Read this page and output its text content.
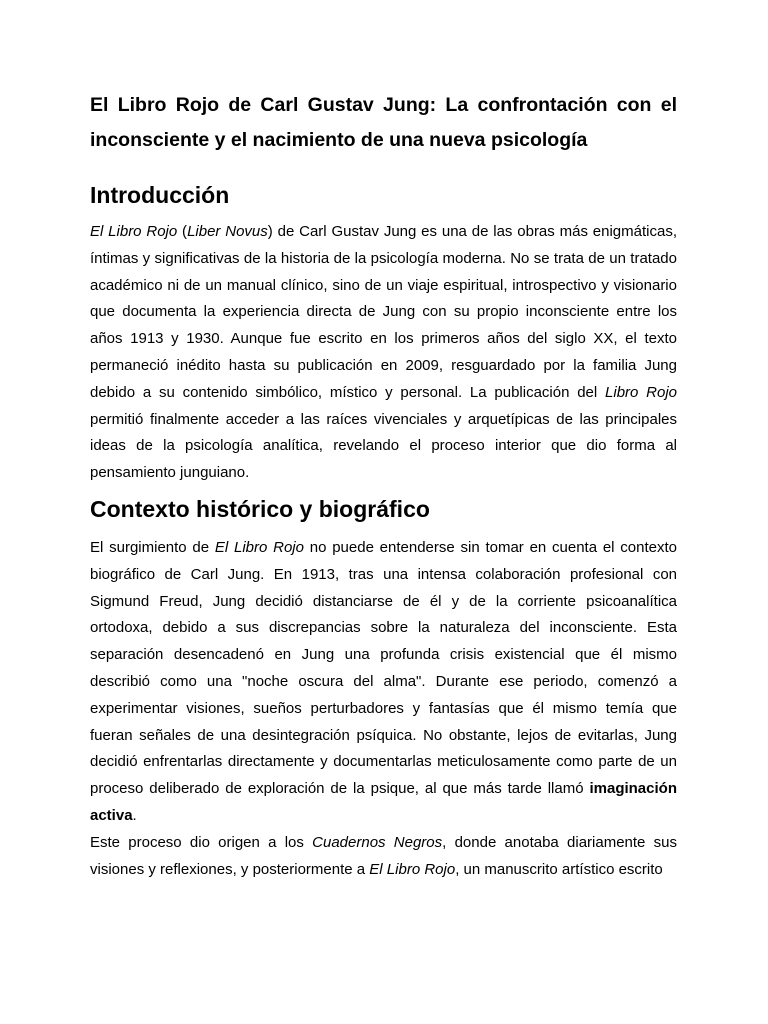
El Libro Rojo de Carl Gustav Jung: La confrontación con el inconsciente y el nacimiento de una nueva psicología
Introducción

El Libro Rojo (Liber Novus) de Carl Gustav Jung es una de las obras más enigmáticas, íntimas y significativas de la historia de la psicología moderna. No se trata de un tratado académico ni de un manual clínico, sino de un viaje espiritual, introspectivo y visionario que documenta la experiencia directa de Jung con su propio inconsciente entre los años 1913 y 1930. Aunque fue escrito en los primeros años del siglo XX, el texto permaneció inédito hasta su publicación en 2009, resguardado por la familia Jung debido a su contenido simbólico, místico y personal. La publicación del Libro Rojo permitió finalmente acceder a las raíces vivenciales y arquetípicas de las principales ideas de la psicología analítica, revelando el proceso interior que dio forma al pensamiento junguiano.

Contexto histórico y biográfico

El surgimiento de El Libro Rojo no puede entenderse sin tomar en cuenta el contexto biográfico de Carl Jung. En 1913, tras una intensa colaboración profesional con Sigmund Freud, Jung decidió distanciarse de él y de la corriente psicoanalítica ortodoxa, debido a sus discrepancias sobre la naturaleza del inconsciente. Esta separación desencadenó en Jung una profunda crisis existencial que él mismo describió como una "noche oscura del alma". Durante ese periodo, comenzó a experimentar visiones, sueños perturbadores y fantasías que él mismo temía que fueran señales de una desintegración psíquica. No obstante, lejos de evitarlas, Jung decidió enfrentarlas directamente y documentarlas meticulosamente como parte de un proceso deliberado de exploración de la psique, al que más tarde llamó imaginación activa.

Este proceso dio origen a los Cuadernos Negros, donde anotaba diariamente sus visiones y reflexiones, y posteriormente a El Libro Rojo, un manuscrito artístico escrito
